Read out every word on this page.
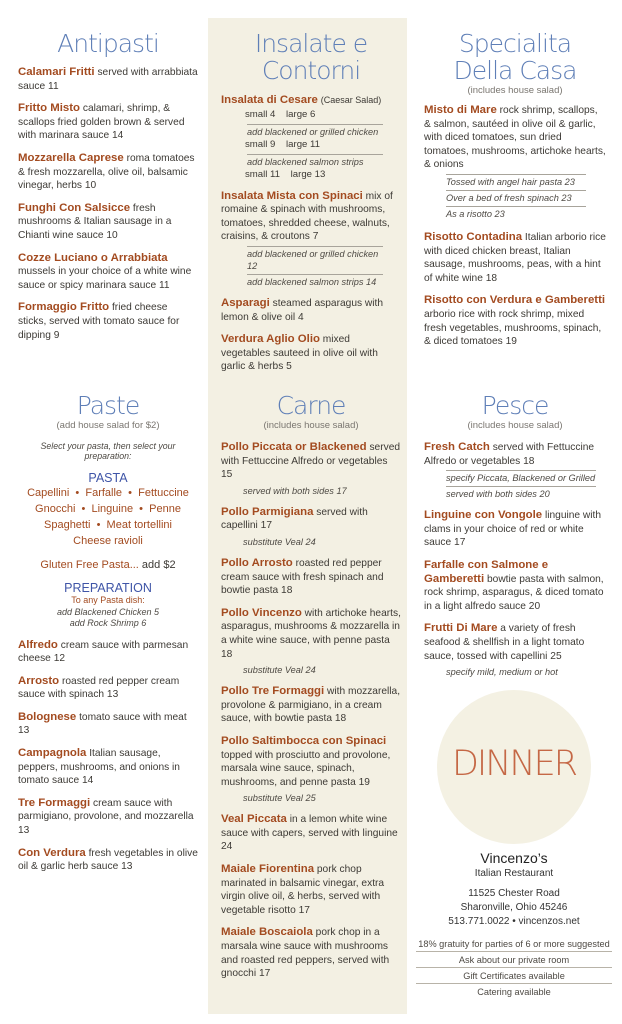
Antipasti
Calamari Fritti served with arrabbiata sauce 11
Fritto Misto calamari, shrimp, & scallops fried golden brown & served with marinara sauce 14
Mozzarella Caprese roma tomatoes & fresh mozzarella, olive oil, balsamic vinegar, herbs 10
Funghi Con Salsicce fresh mushrooms & Italian sausage in a Chianti wine sauce 10
Cozze Luciano o Arrabbiata mussels in your choice of a white wine sauce or spicy marinara sauce 11
Formaggio Fritto fried cheese sticks, served with tomato sauce for dipping 9
Insalate e
Contorni
Insalata di Cesare (Caesar Salad)
small 4    large 6
add blackened or grilled chicken
small 9    large 11
add blackened salmon strips
small 11    large 13
Insalata Mista con Spinaci mix of romaine & spinach with mushrooms, tomatoes, shredded cheese, walnuts, craisins, & croutons 7
add blackened or grilled chicken 12
add blackened salmon strips 14
Asparagi steamed asparagus with lemon & olive oil 4
Verdura Aglio Olio mixed vegetables sauteed in olive oil with garlic & herbs 5
Specialita
Della Casa
(includes house salad)
Misto di Mare rock shrimp, scallops, & salmon, sautéed in olive oil & garlic, with diced tomatoes, sun dried tomatoes, mushrooms, artichoke hearts, & onions
Tossed with angel hair pasta 23
Over a bed of fresh spinach 23
As a risotto 23
Risotto Contadina Italian arborio rice with diced chicken breast, Italian sausage, mushrooms, peas, with a hint of white wine 18
Risotto con Verdura e Gamberetti arborio rice with rock shrimp, mixed fresh vegetables, mushrooms, spinach, & diced tomatoes 19
Paste
(add house salad for $2)
Select your pasta, then select your preparation:
PASTA
Capellini  •  Farfalle  •  Fettuccine
Gnocchi  •  Linguine  •  Penne
Spaghetti  •  Meat tortellini
Cheese ravioli
Gluten Free Pasta... add $2
PREPARATION
To any Pasta dish:
add Blackened Chicken 5
add Rock Shrimp 6
Alfredo cream sauce with parmesan cheese 12
Arrosto roasted red pepper cream sauce with spinach 13
Bolognese tomato sauce with meat 13
Campagnola Italian sausage, peppers, mushrooms, and onions in tomato sauce 14
Tre Formaggi cream sauce with parmigiano, provolone, and mozzarella 13
Con Verdura fresh vegetables in olive oil & garlic herb sauce 13
Carne
(includes house salad)
Pollo Piccata or Blackened served with Fettuccine Alfredo or vegetables 15
served with both sides 17
Pollo Parmigiana served with capellini 17
substitute Veal 24
Pollo Arrosto roasted red pepper cream sauce with fresh spinach and bowtie pasta 18
Pollo Vincenzo with artichoke hearts, asparagus, mushrooms & mozzarella in a white wine sauce, with penne pasta 18
substitute Veal 24
Pollo Tre Formaggi with mozzarella, provolone & parmigiano, in a cream sauce, with bowtie pasta 18
Pollo Saltimbocca con Spinaci topped with prosciutto and provolone, marsala wine sauce, spinach, mushrooms, and penne pasta 19
substitute Veal 25
Veal Piccata in a lemon white wine sauce with capers, served with linguine 24
Maiale Fiorentina pork chop marinated in balsamic vinegar, extra virgin olive oil, & herbs, served with vegetable risotto 17
Maiale Boscaiola pork chop in a marsala wine sauce with mushrooms and roasted red peppers, served with gnocchi 17
Pesce
(includes house salad)
Fresh Catch served with Fettuccine Alfredo or vegetables 18
specify Piccata, Blackened or Grilled
served with both sides 20
Linguine con Vongole linguine with clams in your choice of red or white sauce 17
Farfalle con Salmone e Gamberetti bowtie pasta with salmon, rock shrimp, asparagus, & diced tomato in a light alfredo sauce 20
Frutti Di Mare a variety of fresh seafood & shellfish in a light tomato sauce, tossed with capellini 25
specify mild, medium or hot
DINNER
Vincenzo’s
Italian Restaurant
11525 Chester Road
Sharonville, Ohio 45246
513.771.0022 • vincenzos.net
18% gratuity for parties of 6 or more suggested
Ask about our private room
Gift Certificates available
Catering available
